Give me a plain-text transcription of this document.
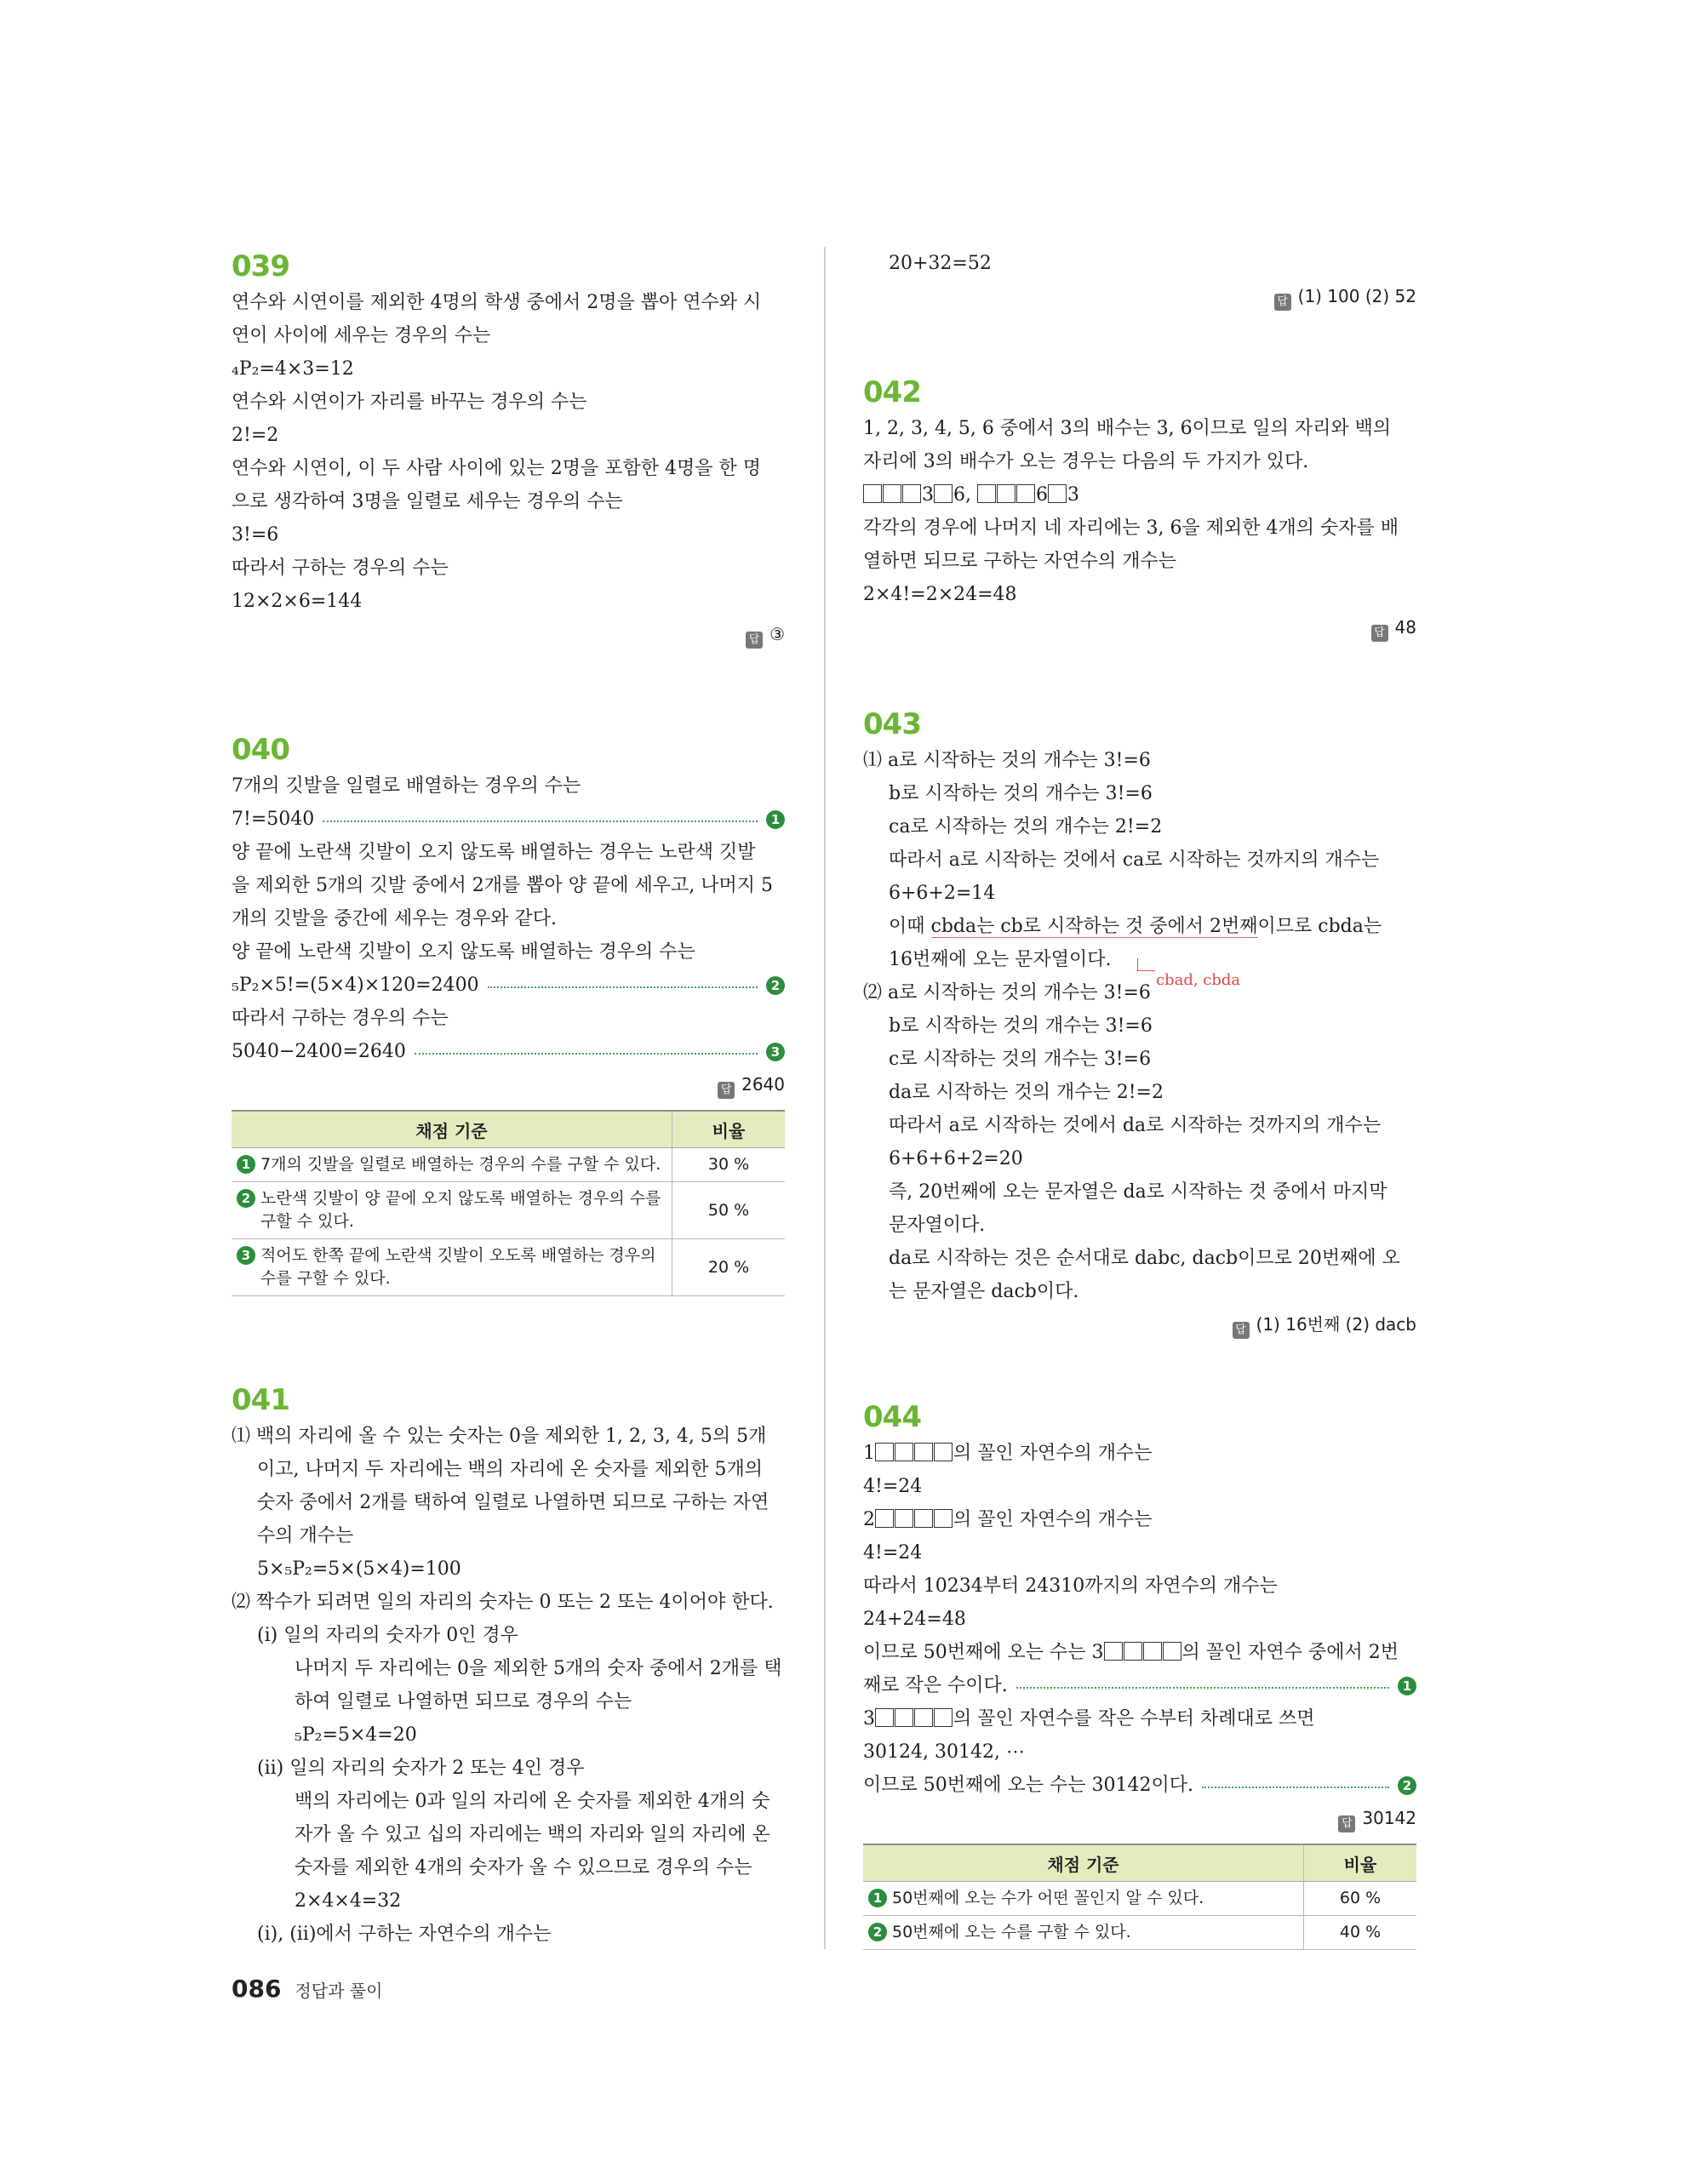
039
연수와 시연이를 제외한 4명의 학생 중에서 2명을 뽑아 연수와 시
연이 사이에 세우는 경우의 수는
₄P₂=4×3=12
연수와 시연이가 자리를 바꾸는 경우의 수는
2!=2
연수와 시연이, 이 두 사람 사이에 있는 2명을 포함한 4명을 한 명
으로 생각하여 3명을 일렬로 세우는 경우의 수는
3!=6
따라서 구하는 경우의 수는
12×2×6=144
답 ③
040
7개의 깃발을 일렬로 배열하는 경우의 수는
7!=5040	1
양 끝에 노란색 깃발이 오지 않도록 배열하는 경우는 노란색 깃발
을 제외한 5개의 깃발 중에서 2개를 뽑아 양 끝에 세우고, 나머지 5
개의 깃발을 중간에 세우는 경우와 같다.
양 끝에 노란색 깃발이 오지 않도록 배열하는 경우의 수는
₅P₂×5!=(5×4)×120=2400	2
따라서 구하는 경우의 수는
5040−2400=2640	3
답 2640
채점 기준	비율

1 7개의 깃발을 일렬로 배열하는 경우의 수를 구할 수 있다.	30 %

2 노란색 깃발이 양 끝에 오지 않도록 배열하는 경우의 수를 구할 수 있다.	50 %

3 적어도 한쪽 끝에 노란색 깃발이 오도록 배열하는 경우의 수를 구할 수 있다.	20 %
041
⑴ 백의 자리에 올 수 있는 숫자는 0을 제외한 1, 2, 3, 4, 5의 5개
이고, 나머지 두 자리에는 백의 자리에 온 숫자를 제외한 5개의
숫자 중에서 2개를 택하여 일렬로 나열하면 되므로 구하는 자연
수의 개수는
5×₅P₂=5×(5×4)=100
⑵ 짝수가 되려면 일의 자리의 숫자는 0 또는 2 또는 4이어야 한다.
(ⅰ) 일의 자리의 숫자가 0인 경우
나머지 두 자리에는 0을 제외한 5개의 숫자 중에서 2개를 택
하여 일렬로 나열하면 되므로 경우의 수는
₅P₂=5×4=20
(ⅱ) 일의 자리의 숫자가 2 또는 4인 경우
백의 자리에는 0과 일의 자리에 온 숫자를 제외한 4개의 숫
자가 올 수 있고 십의 자리에는 백의 자리와 일의 자리에 온
숫자를 제외한 4개의 숫자가 올 수 있으므로 경우의 수는
2×4×4=32
(ⅰ), (ⅱ)에서 구하는 자연수의 개수는
20+32=52
답 (1) 100 (2) 52
042
1, 2, 3, 4, 5, 6 중에서 3의 배수는 3, 6이므로 일의 자리와 백의
자리에 3의 배수가 오는 경우는 다음의 두 가지가 있다.
3 6,	6 3
각각의 경우에 나머지 네 자리에는 3, 6을 제외한 4개의 숫자를 배
열하면 되므로 구하는 자연수의 개수는
2×4!=2×24=48
답 48
043
⑴ a로 시작하는 것의 개수는 3!=6
b로 시작하는 것의 개수는 3!=6
ca로 시작하는 것의 개수는 2!=2
따라서 a로 시작하는 것에서 ca로 시작하는 것까지의 개수는
6+6+2=14
이때 cbda는 cb로 시작하는 것 중에서 2번째이므로 cbda는
16번째에 오는 문자열이다.
cbad, cbda
⑵ a로 시작하는 것의 개수는 3!=6
b로 시작하는 것의 개수는 3!=6
c로 시작하는 것의 개수는 3!=6
da로 시작하는 것의 개수는 2!=2
따라서 a로 시작하는 것에서 da로 시작하는 것까지의 개수는
6+6+6+2=20
즉, 20번째에 오는 문자열은 da로 시작하는 것 중에서 마지막
문자열이다.
da로 시작하는 것은 순서대로 dabc, dacb이므로 20번째에 오
는 문자열은 dacb이다.
답 (1) 16번째 (2) dacb
044
1	의 꼴인 자연수의 개수는
4!=24
2	의 꼴인 자연수의 개수는
4!=24
따라서 10234부터 24310까지의 자연수의 개수는
24+24=48
이므로 50번째에 오는 수는 3	의 꼴인 자연수 중에서 2번
째로 작은 수이다.	1
3	의 꼴인 자연수를 작은 수부터 차례대로 쓰면
30124, 30142, ⋯
이므로 50번째에 오는 수는 30142이다.	2
답 30142
채점 기준	비율

1 50번째에 오는 수가 어떤 꼴인지 알 수 있다.	60 %

2 50번째에 오는 수를 구할 수 있다.	40 %
086 정답과 풀이
